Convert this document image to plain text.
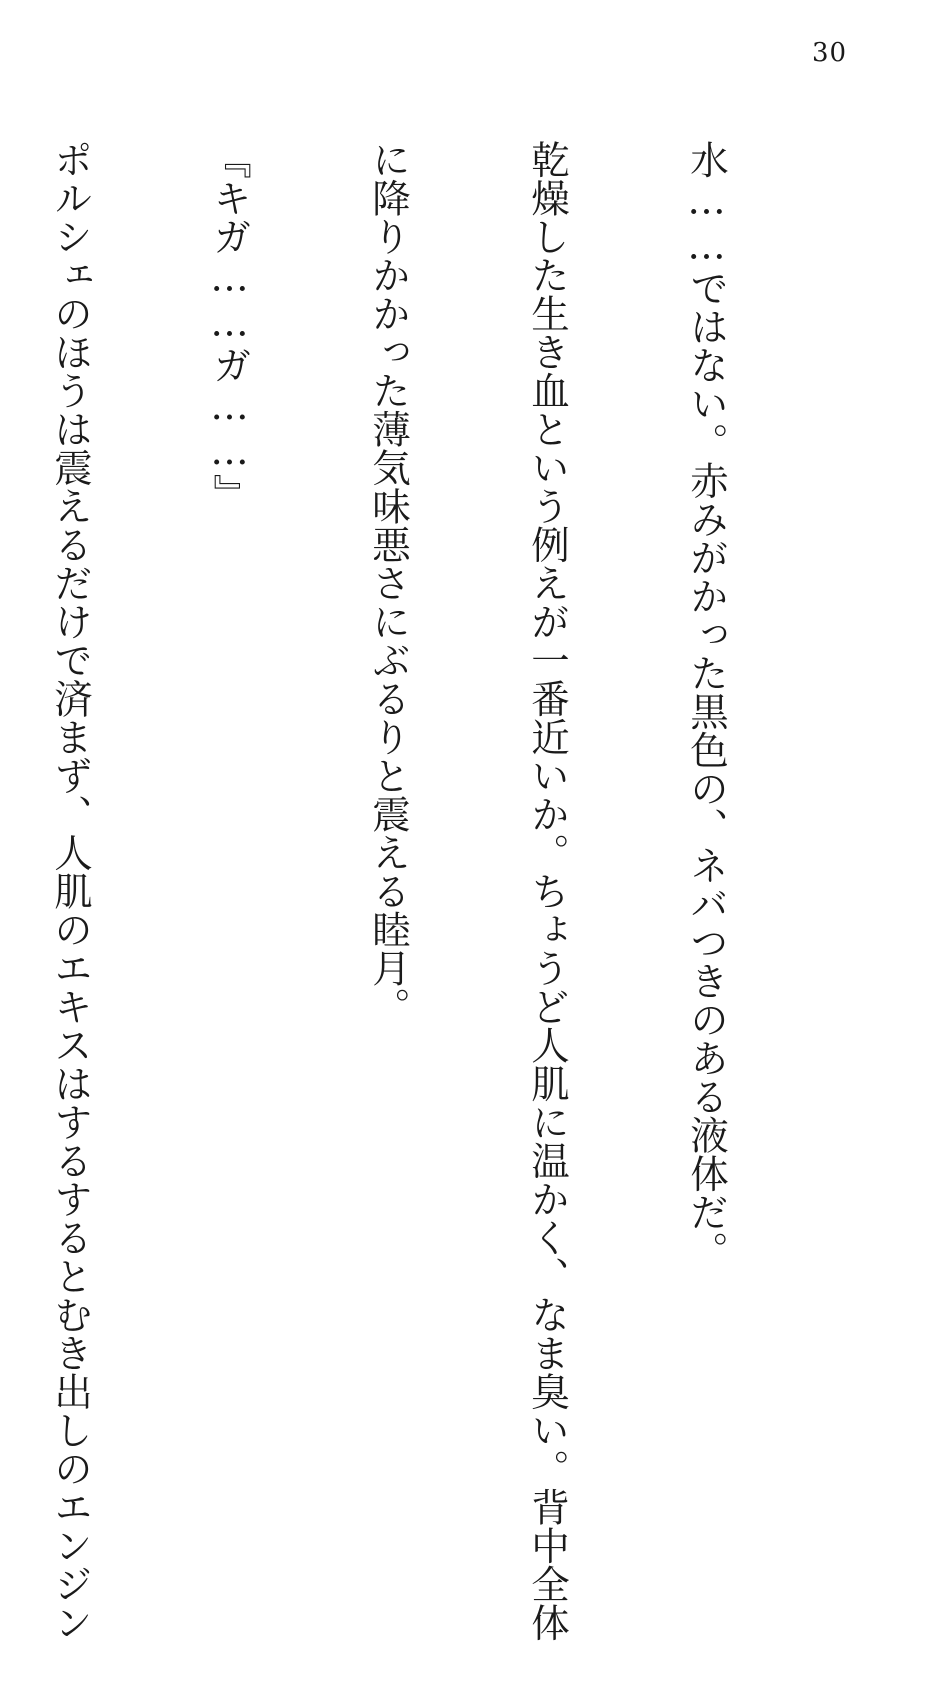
30

水……ではない。赤みがかった黒色の、ネバつきのある液体だ。

乾燥した生き血という例えが一番近いか。ちょうど人肌に温かく、なま臭い。背中全体

に降りかかった薄気味悪さにぶるりと震える睦月。

『キガ……ガ……』

ポルシェのほうは震えるだけで済まず、人肌のエキスはするするとむき出しのエンジン
